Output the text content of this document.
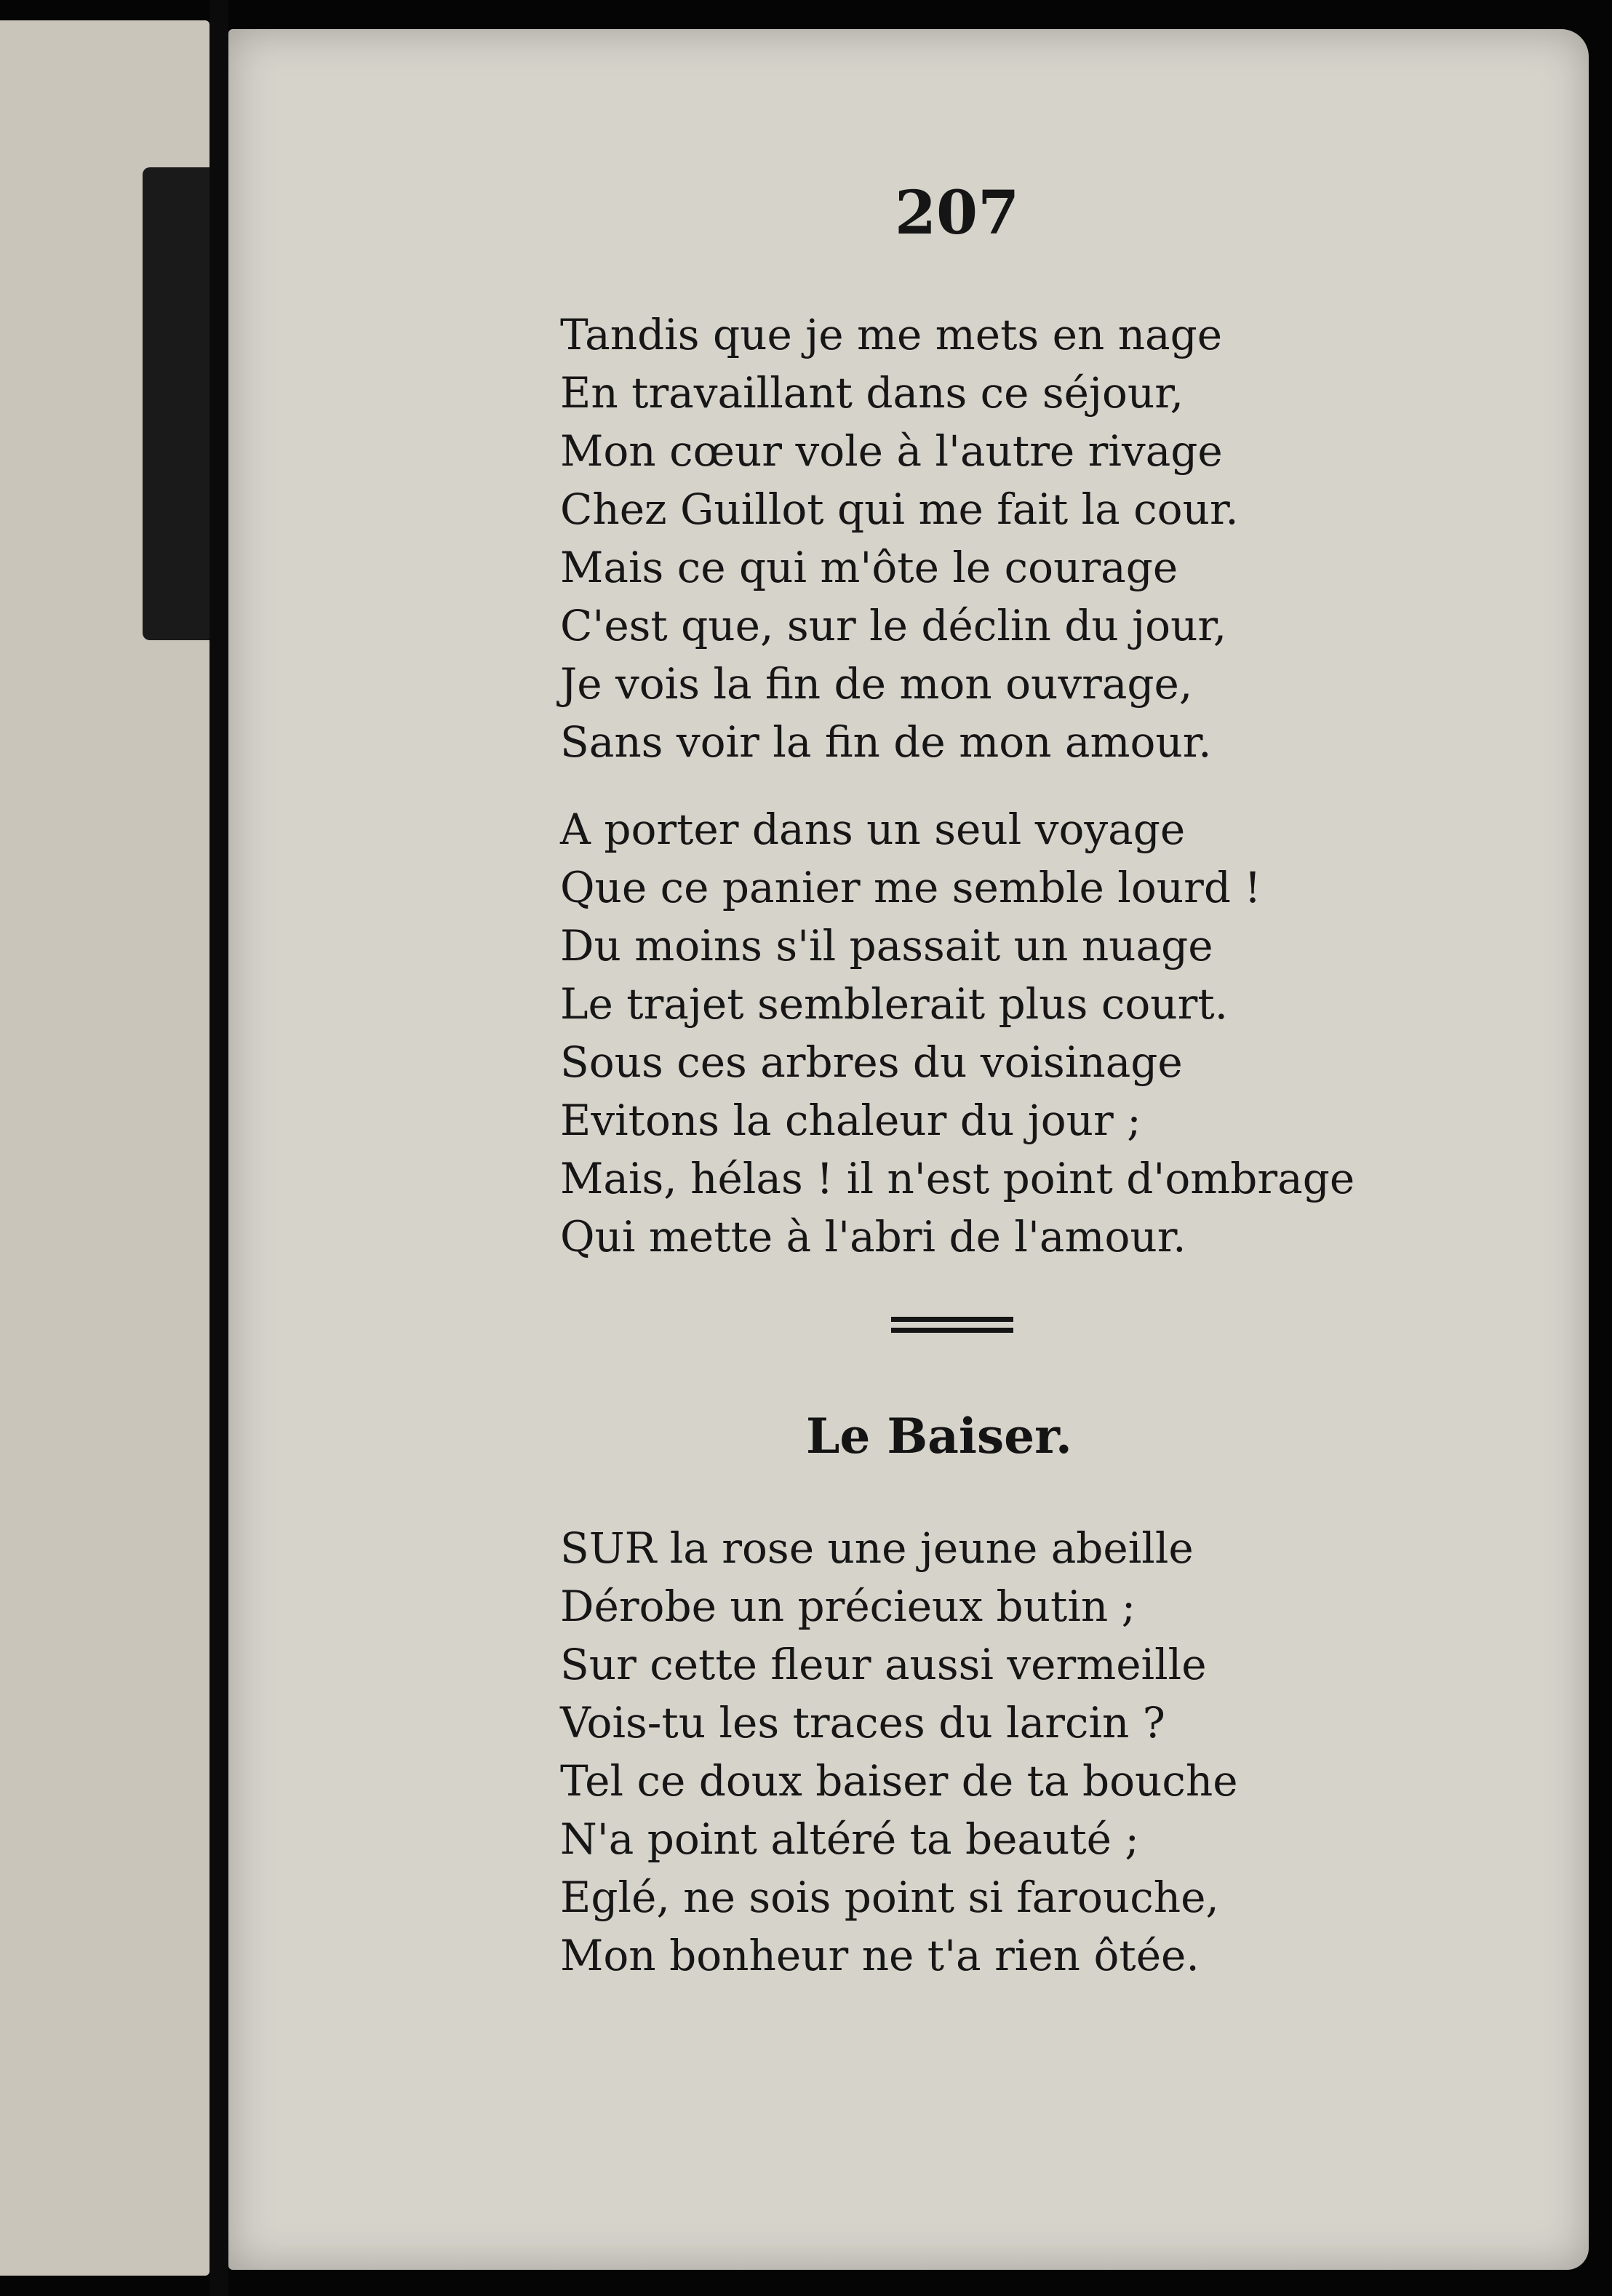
207
Tandis que je me mets en nage
En travaillant dans ce séjour,
Mon cœur vole à l'autre rivage
Chez Guillot qui me fait la cour.
Mais ce qui m'ôte le courage
C'est que, sur le déclin du jour,
Je vois la fin de mon ouvrage,
Sans voir la fin de mon amour.
A porter dans un seul voyage
Que ce panier me semble lourd !
Du moins s'il passait un nuage
Le trajet semblerait plus court.
Sous ces arbres du voisinage
Evitons la chaleur du jour ;
Mais, hélas ! il n'est point d'ombrage
Qui mette à l'abri de l'amour.
Le Baiser.
SUR la rose une jeune abeille
Dérobe un précieux butin ;
Sur cette fleur aussi vermeille
Vois-tu les traces du larcin ?
Tel ce doux baiser de ta bouche
N'a point altéré ta beauté ;
Eglé, ne sois point si farouche,
Mon bonheur ne t'a rien ôtée.
